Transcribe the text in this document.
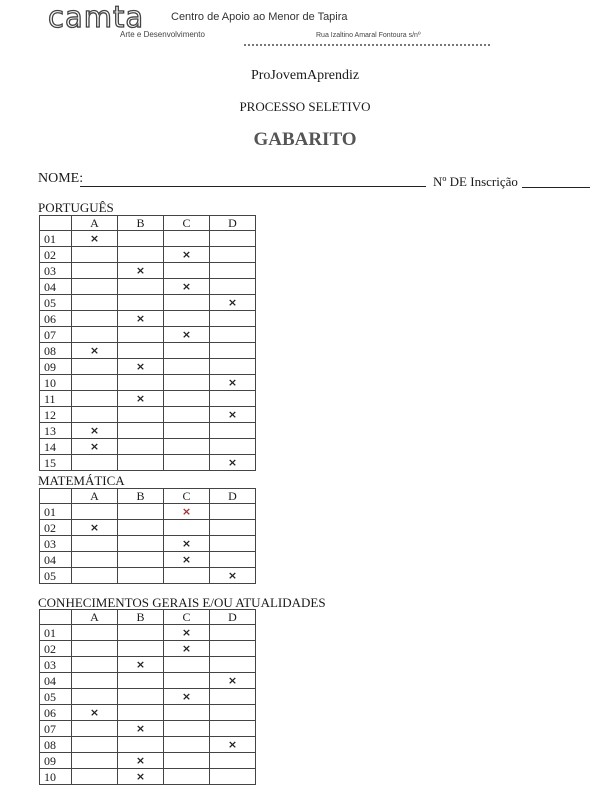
camta Centro de Apoio ao Menor de Tapira
Arte e Desenvolvimento	Rua Izaltino Amaral Fontoura s/nº
ProJovemAprendiz
PROCESSO SELETIVO
GABARITO
NOME:	Nº DE Inscrição
PORTUGUÊS
	A	B	C	D
01	×			
02			×	
03		×		
04			×	
05				×
06		×		
07			×	
08	×			
09		×		
10				×
11		×		
12				×
13	×			
14	×			
15				×
MATEMÁTICA
	A	B	C	D
01			×	
02	×			
03			×	
04			×	
05				×
CONHECIMENTOS GERAIS E/OU ATUALIDADES
	A	B	C	D
01			×	
02			×	
03		×		
04				×
05			×	
06	×			
07		×		
08				×
09		×		
10		×		
